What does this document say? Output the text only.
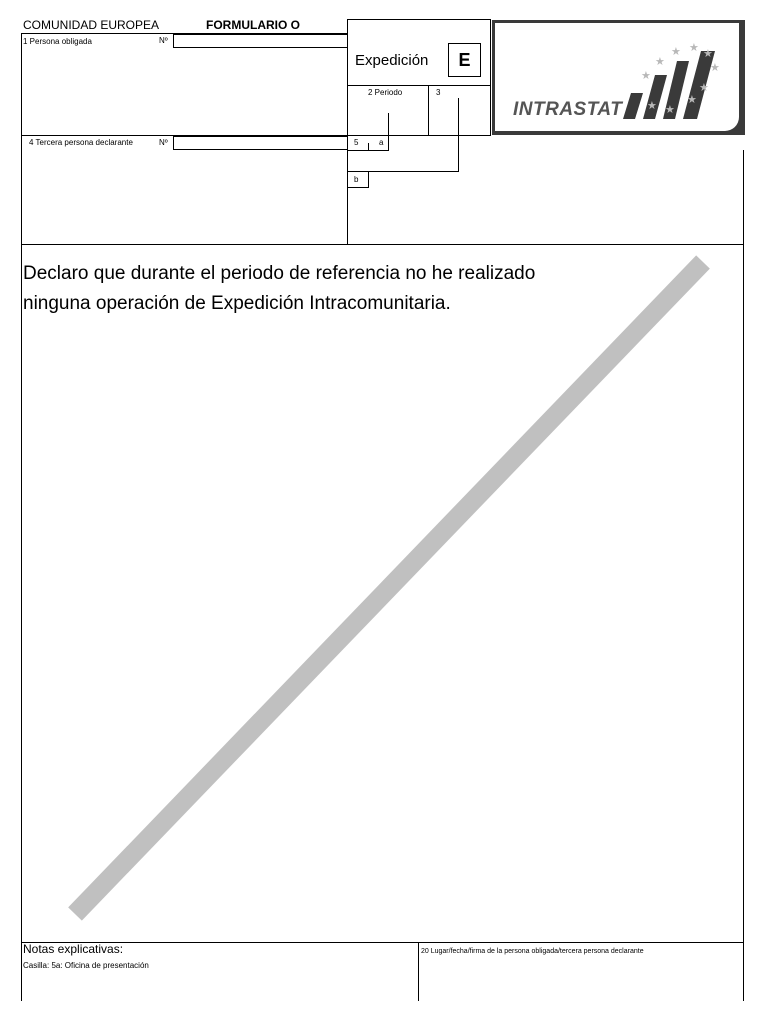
COMUNIDAD EUROPEA	FORMULARIO O
1 Persona obligada	Nº
Expedición	E
2 Periodo	3
★
★
★ ★ ★
★
★ ★
★
★
INTRASTAT
4 Tercera persona declarante	Nº	5	a
b
Declaro que durante el periodo de referencia no he realizado
ninguna operación de Expedición Intracomunitaria.
Notas explicativas:
Casilla: 5a: Oficina de presentación
20 Lugar/fecha/firma de la persona obligada/tercera persona declarante
